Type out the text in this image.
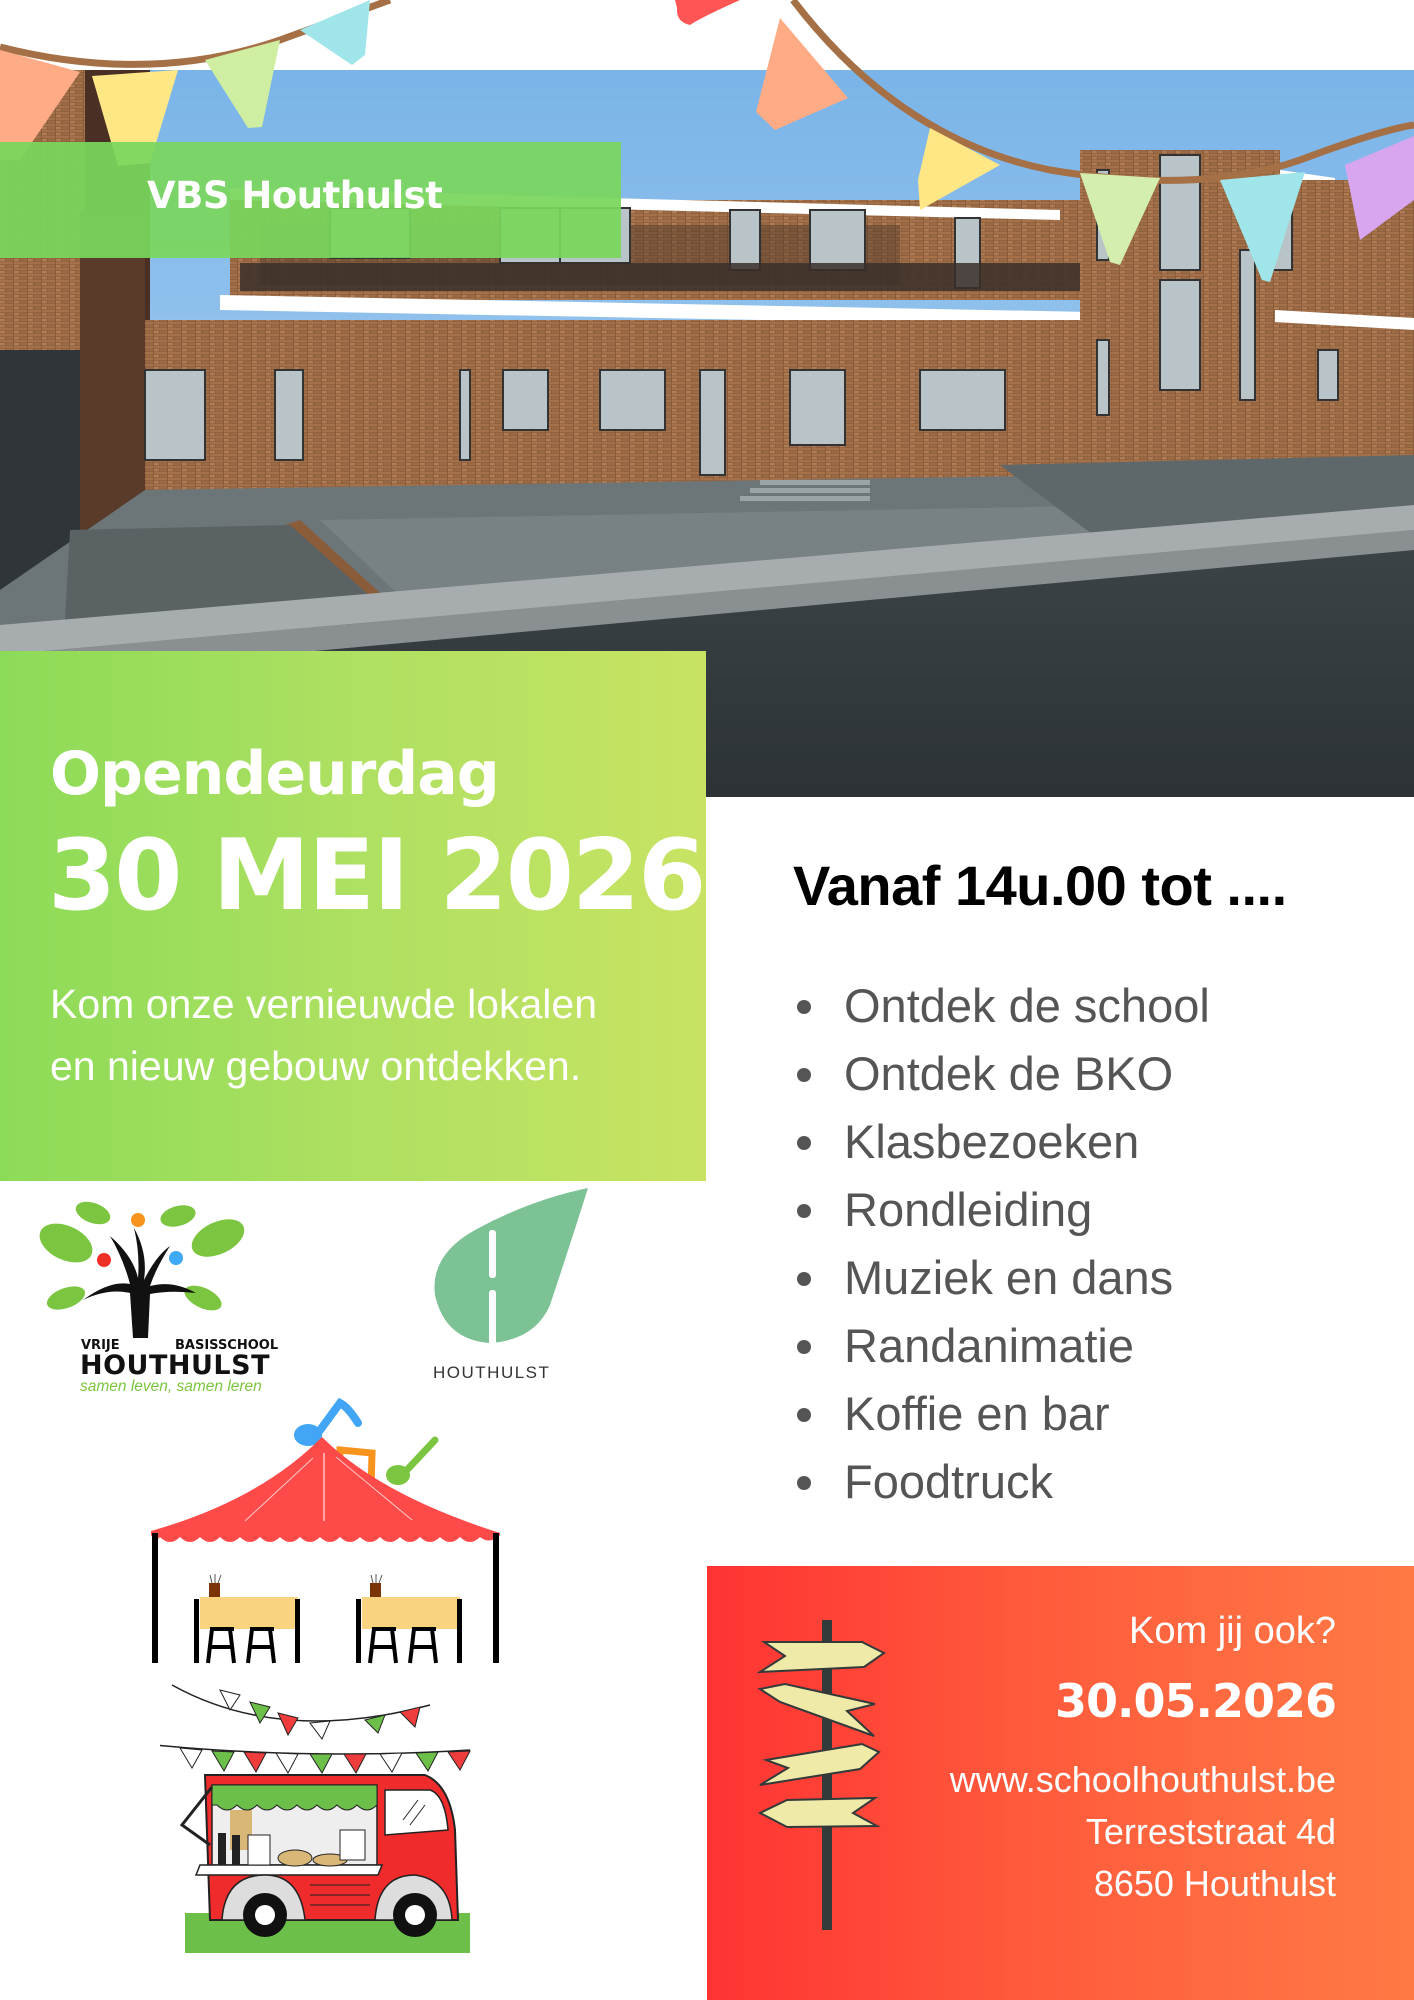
VBS Houthulst
Opendeurdag
30 MEI 2026
Kom onze vernieuwde lokalen
en nieuw gebouw ontdekken.
Vanaf 14u.00 tot ....
Ontdek de school
Ontdek de BKO
Klasbezoeken
Rondleiding
Muziek en dans
Randanimatie
Koffie en bar
Foodtruck
VRIJE	BASISSCHOOL
HOUTHULST
samen leven, samen leren
HOUTHULST
Kom jij ook?
30.05.2026
www.schoolhouthulst.be
Terreststraat 4d
8650 Houthulst
